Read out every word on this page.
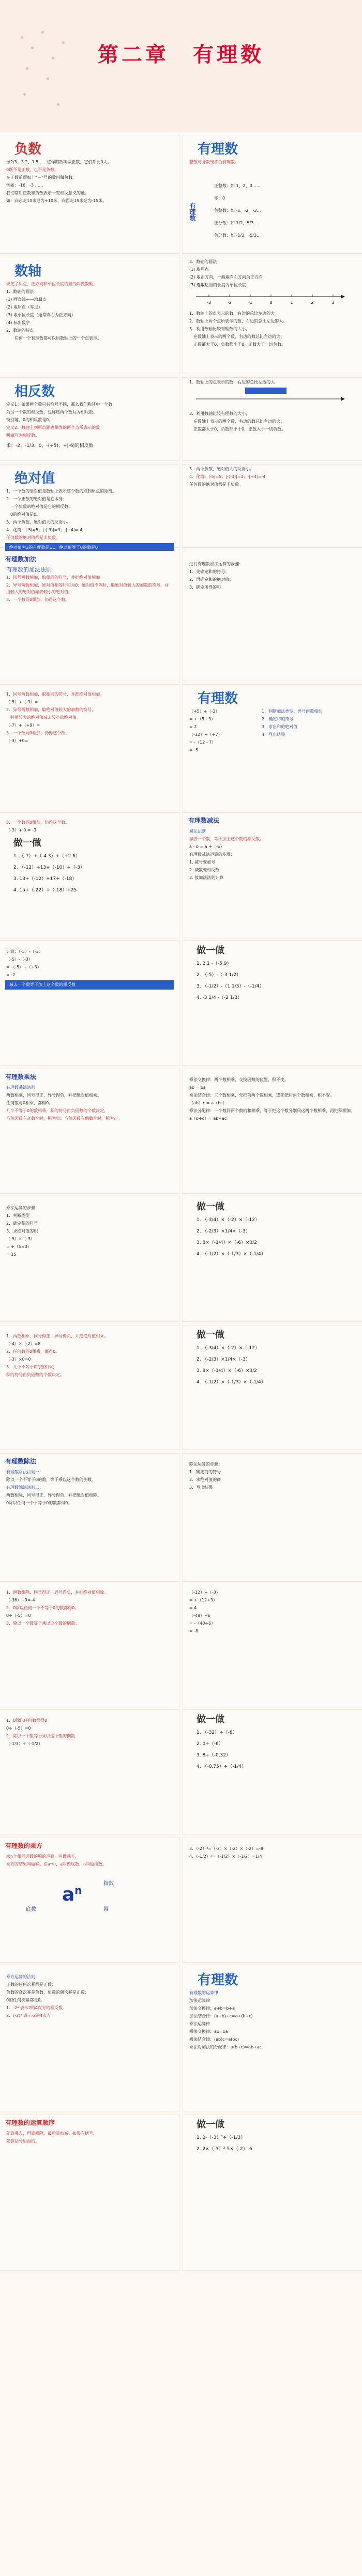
第二章　有理数
负数
像2/3、3.2、1.5……这样的数叫做正数，它们都比0大。
0既不是正数，也不是负数。
在正数前面加上“－”号的数叫做负数。
例如：-16，-3 ……
我们常用正数和负数表示一些相反意义的量。
如：向东走10米记为+10米，向西走15米记为-15米。
有理数
整数与分数统称为有理数。
有理数
正整数：如 1、2、3……
零：0
负整数：如 -1、-2、-3…
正分数：如 1/2，5/3 …
负分数：如 -1/2，-5/3…
数轴
规定了原点、正方向和单位长度的直线叫做数轴。
1．数轴的画法
(1) 画直线——取原点
(2) 取原点（零点）
(3) 取单位长度（通常向右为正方向）
(4) 标出数字
2．数轴的特点
　　任何一个有理数都可以用数轴上的一个点表示。
3．数轴的画法
(1) 取原点
(2) 取正方向，一般取向右方向为正方向
(3) 选取适当的长度为单位长度
-3	-2	-1	0	1	2	3
1．数轴上的点表示的数，右边的总比左边的大
2．数轴上两个点所表示的数，右边的总比左边的大。
3．利用数轴比较有理数的大小，
　在数轴上表示的两个数，右边的数总比左边的大；
　正数都大于0，负数都小于0，正数大于一切负数。
相反数
定义1：如果两个数只有符号不同，那么我们称其中一个数
为另一个数的相反数，也称这两个数互为相反数。
特别地，0的相反数是0。
定义2：数轴上到原点距离相等的两个点所表示的数
叫做互为相反数。
求：-2、-1/3、0、-(+5)、+|-6|的相反数
1．数轴上的点表示的数，右边的总比左边的大
3．利用数轴比较有理数的大小，
　在数轴上表示的两个数，右边的数总比左边的大；
　正数都大于0，负数都小于0，正数大于一切负数。
绝对值
1．一个数的绝对值是数轴上表示这个数的点到原点的距离。
2．一个正数的绝对值是它本身；
　一个负数的绝对值是它的相反数；
　0的绝对值是0。
3．两个负数，绝对值大的反而小。
4．化简：|-5|=5；|-(-3)|=3；-|+4|=-4
任何数的绝对值都是非负数。
绝对值为1的有理数是±1，绝对值等于0的数是0
3．两个负数，绝对值大的反而小。
4．化简：|-5|=5；|-(-3)|=3；-|+4|=-4
任何数的绝对值都是非负数。
有理数加法
有理数的加法法则
1．同号两数相加，取相同的符号，并把绝对值相加。
2．异号两数相加，绝对值相等时和为0；绝对值不等时，取绝对值较大的加数的符号，并用较大的绝对值减去较小的绝对值。
3．一个数同0相加，仍得这个数。
进行有理数加法运算的步骤：
1．先确定和的符号；
2．再确定和的绝对值；
3．确定所得的和。
1．同号两数相加，取相同的符号，并把绝对值相加。
（-5）+（-3）=
2．异号两数相加，取绝对值较大的加数的符号，
　并用较大的绝对值减去较小的绝对值。
（-7）+（+9）=
3．一个数同0相加，仍得这个数。
（-3）+0=
有理数
（+5）+（-3）
= +（5 - 3）
= 2
（-12）+（+7）
= -（12 - 7）
= -5
1．判断加法类型：异号两数相加
2．确定和的符号
3．求出和的绝对值
4．写出结果
3．一个数同0相加，仍得这个数。
（-3）+ 0 = -3
做一做
1. （-7）+（-4.3）+（+2.6）
2. （-12）+13+（-10）+（-3）
3. 13+（-12）+17+（-18）
4. 15+（-22）+（-18）+25
有理数减法
减法法则
减去一个数，等于加上这个数的相反数。
a - b = a +（-b）
有理数减法运算的步骤：
1. 减号变加号
2. 减数变相反数
3. 按加法法则计算
计算：（-5）-（-3）
（-5）-（-3）
= （-5）+（+3）
= -2
减去一个数等于加上这个数的相反数
做一做
1. 2.1 -（-5.9）
2. （-5）-（-3 1/2）
3. （-1/2）-（1 1/3）-（-1/4）
4. -3 1/4 -（-2 1/3）
有理数乘法
有理数乘法法则
两数相乘，同号得正，异号得负，并把绝对值相乘。
任何数与0相乘，都得0。
几个不等于0的数相乘，积的符号由负因数的个数决定，
当负因数有奇数个时，积为负；当负因数有偶数个时，积为正。
乘法交换律：两个数相乘，交换因数的位置，积不变。
ab = ba
乘法结合律：三个数相乘，先把前两个数相乘，或先把后两个数相乘，积不变。
（ab）c = a（bc）
乘法分配律：一个数同两个数的和相乘，等于把这个数分别同这两个数相乘，再把积相加。
a（b+c）= ab+ac
乘法运算的步骤：
1．判断类型
2．确定积的符号
3．求绝对值的积
（-5）×（-3）
= +（5×3）
= 15
做一做
1. （-3/4）×（-2）×（-12）
2. （-2/3）×1/4×（-3）
3. 8×（-1/4）×（-6）×3/2
4. （-1/2）×（-1/3）×（-1/4）
1．两数相乘，同号得正，异号得负，并把绝对值相乘。
（-4）×（-2）=8
2．任何数同0相乘，都得0。
（-3）×0=0
3．几个不等于0的数相乘，
积的符号由负因数的个数决定。
做一做
1. （-3/4）×（-2）×（-12）
2. （-2/3）×1/4×（-3）
3. 8×（-1/4）×（-6）×3/2
4. （-1/2）×（-1/3）×（-1/4）
有理数除法
有理数除法法则一：
除以一个不等于0的数，等于乘以这个数的倒数。
有理数除法法则二：
两数相除，同号得正，异号得负，并把绝对值相除。
0除以任何一个不等于0的数都得0。
除法运算的步骤：
1．确定商的符号
2．求绝对值的商
3．写出结果
1．两数相除，同号得正，异号得负，并把绝对值相除。
（-36）÷9=-4
2．0除以任何一个不等于0的数都得0。
0÷（-5）=0
3．除以一个数等于乘以这个数的倒数。
（-12）÷（-3）
= +（12÷3）
= 4
（-48）÷6
= -（48÷6）
= -8
1．0除以任何数都得0
0÷（-5）=0
2．除以一个数等于乘以这个数的倒数
（-1/3）÷（-1/2）
做一做
1. （-32）÷（-8）
2. 0÷（-6）
3. 8÷（-0.32）
4. （-0.75）÷（-1/4）
有理数的乘方
求n个相同因数的积的运算，叫做乘方，
乘方的结果叫做幂。在aⁿ中，a叫做底数，n叫做指数。
$a^n$
底数
指数
幂
3．（-2）³=（-2）×（-2）×（-2）=-8
4．（-1/2）²=（-1/2）×（-1/2）=1/4
乘方运算的法则：
正数的任何次幂都是正数；
负数的奇次幂是负数，负数的偶次幂是正数；
0的任何次幂都是0。
1．-2⁴ 表示2的4次方的相反数
2．(-2)⁴ 表示-2的4次方
有理数
有理数的运算律
加法运算律
加法交换律：a+b=b+a
加法结合律：(a+b)+c=a+(b+c)
乘法运算律
乘法交换律：ab=ba
乘法结合律：(ab)c=a(bc)
乘法对加法的分配律：a(b+c)=ab+ac
有理数的运算顺序
先算乘方，再算乘除，最后算加减；如果有括号，
先算括号里面的。
做一做
1. 2-（-3）²÷（-1/3）
2. 2×（-3）²-5×（-2）-6
